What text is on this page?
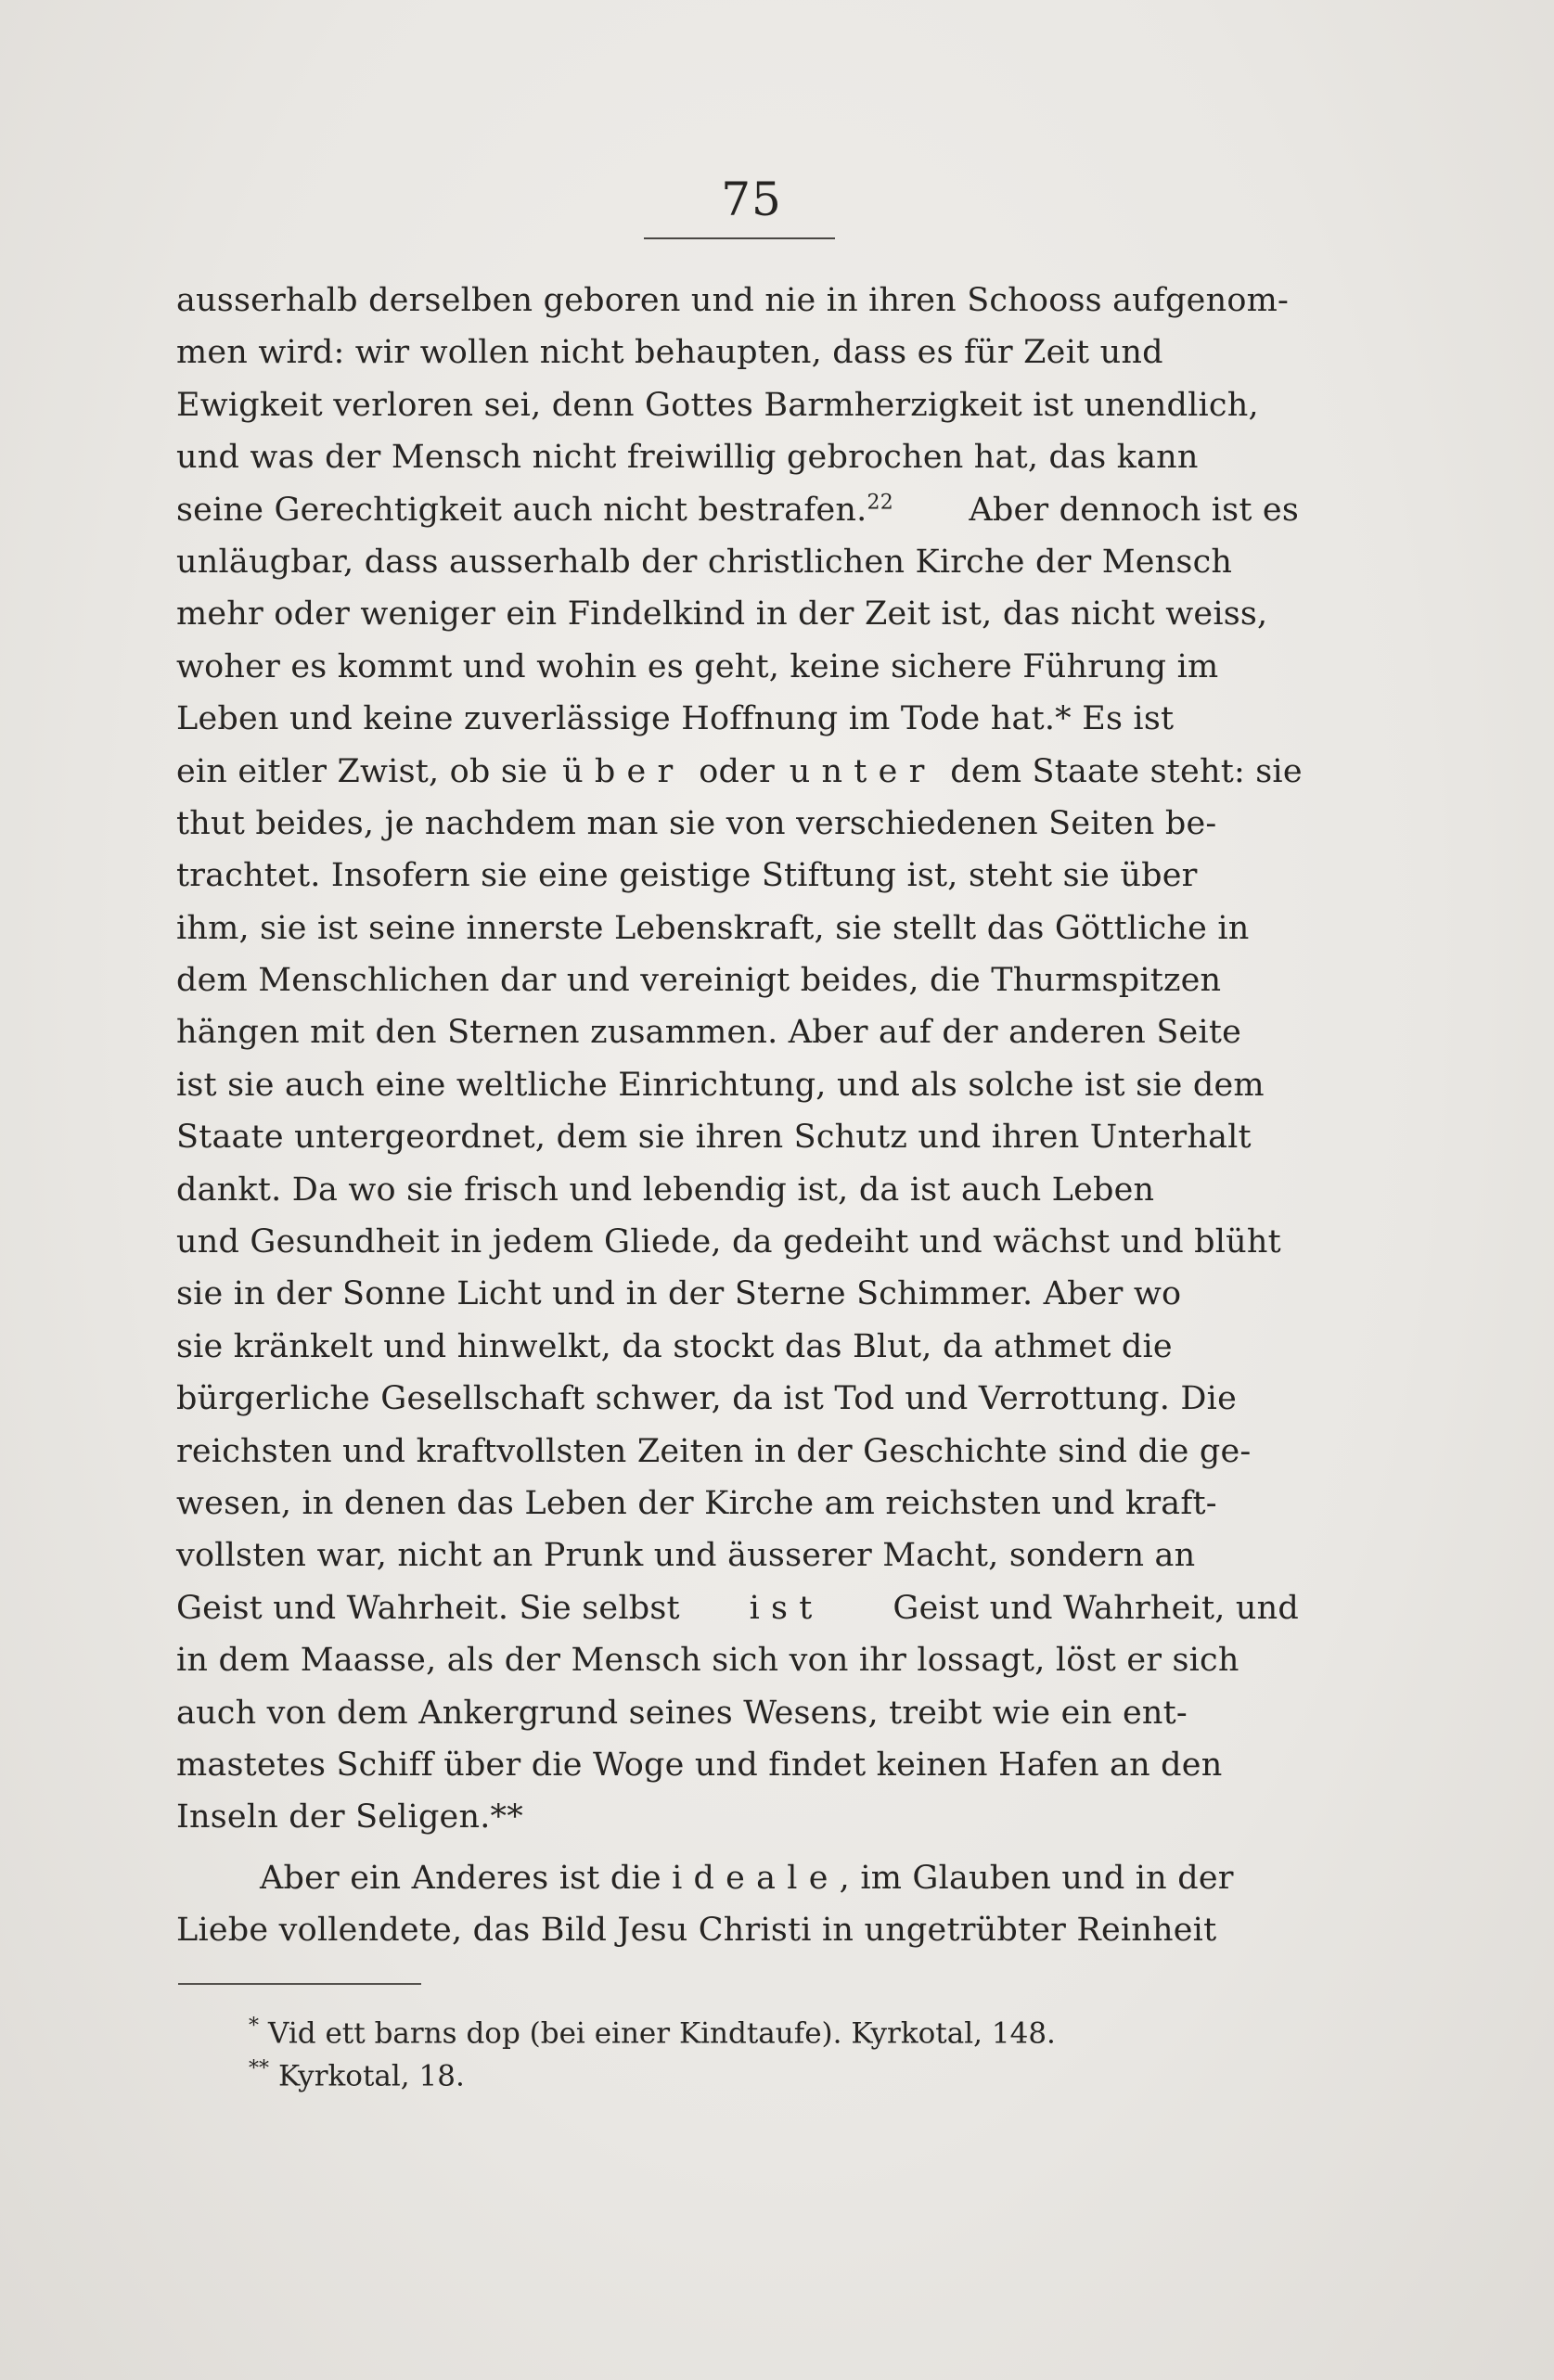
75
ausserhalb derselben geboren und nie in ihren Schooss aufgenom-
men wird: wir wollen nicht behaupten, dass es für Zeit und
Ewigkeit verloren sei, denn Gottes Barmherzigkeit ist unendlich,
und was der Mensch nicht freiwillig gebrochen hat, das kann
seine Gerechtigkeit auch nicht bestrafen.$^{22}$ Aber dennoch ist es
unläugbar, dass ausserhalb der christlichen Kirche der Mensch
mehr oder weniger ein Findelkind in der Zeit ist, das nicht weiss,
woher es kommt und wohin es geht, keine sichere Führung im
Leben und keine zuverlässige Hoffnung im Tode hat.* Es ist
ein eitler Zwist, ob sie über oder unter dem Staate steht: sie
thut beides, je nachdem man sie von verschiedenen Seiten be-
trachtet. Insofern sie eine geistige Stiftung ist, steht sie über
ihm, sie ist seine innerste Lebenskraft, sie stellt das Göttliche in
dem Menschlichen dar und vereinigt beides, die Thurmspitzen
hängen mit den Sternen zusammen. Aber auf der anderen Seite
ist sie auch eine weltliche Einrichtung, und als solche ist sie dem
Staate untergeordnet, dem sie ihren Schutz und ihren Unterhalt
dankt. Da wo sie frisch und lebendig ist, da ist auch Leben
und Gesundheit in jedem Gliede, da gedeiht und wächst und blüht
sie in der Sonne Licht und in der Sterne Schimmer. Aber wo
sie kränkelt und hinwelkt, da stockt das Blut, da athmet die
bürgerliche Gesellschaft schwer, da ist Tod und Verrottung. Die
reichsten und kraftvollsten Zeiten in der Geschichte sind die ge-
wesen, in denen das Leben der Kirche am reichsten und kraft-
vollsten war, nicht an Prunk und äusserer Macht, sondern an
Geist und Wahrheit. Sie selbst ist Geist und Wahrheit, und
in dem Maasse, als der Mensch sich von ihr lossagt, löst er sich
auch von dem Ankergrund seines Wesens, treibt wie ein ent-
mastetes Schiff über die Woge und findet keinen Hafen an den
Inseln der Seligen.**
Aber ein Anderes ist die ideale, im Glauben und in der
Liebe vollendete, das Bild Jesu Christi in ungetrübter Reinheit
* Vid ett barns dop (bei einer Kindtaufe). Kyrkotal, 148.
** Kyrkotal, 18.
